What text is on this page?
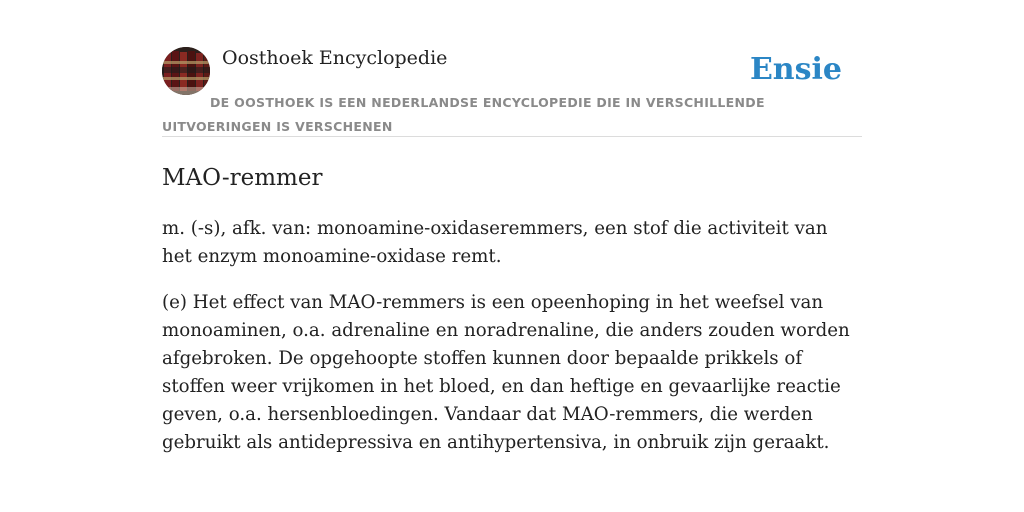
Oosthoek Encyclopedie	Ensie
DE OOSTHOEK IS EEN NEDERLANDSE ENCYCLOPEDIE DIE IN VERSCHILLENDE UITVOERINGEN IS VERSCHENEN
MAO-remmer

m. (-s), afk. van: monoamine-oxidaseremmers, een stof die activiteit van het enzym monoamine-oxidase remt.

(e) Het effect van MAO-remmers is een opeenhoping in het weefsel van monoaminen, o.a. adrenaline en noradrenaline, die anders zouden worden afgebroken. De opgehoopte stoffen kunnen door bepaalde prikkels of stoffen weer vrijkomen in het bloed, en dan heftige en gevaarlijke reactie geven, o.a. hersenbloedingen. Vandaar dat MAO-remmers, die werden gebruikt als antidepressiva en antihypertensiva, in onbruik zijn geraakt.
